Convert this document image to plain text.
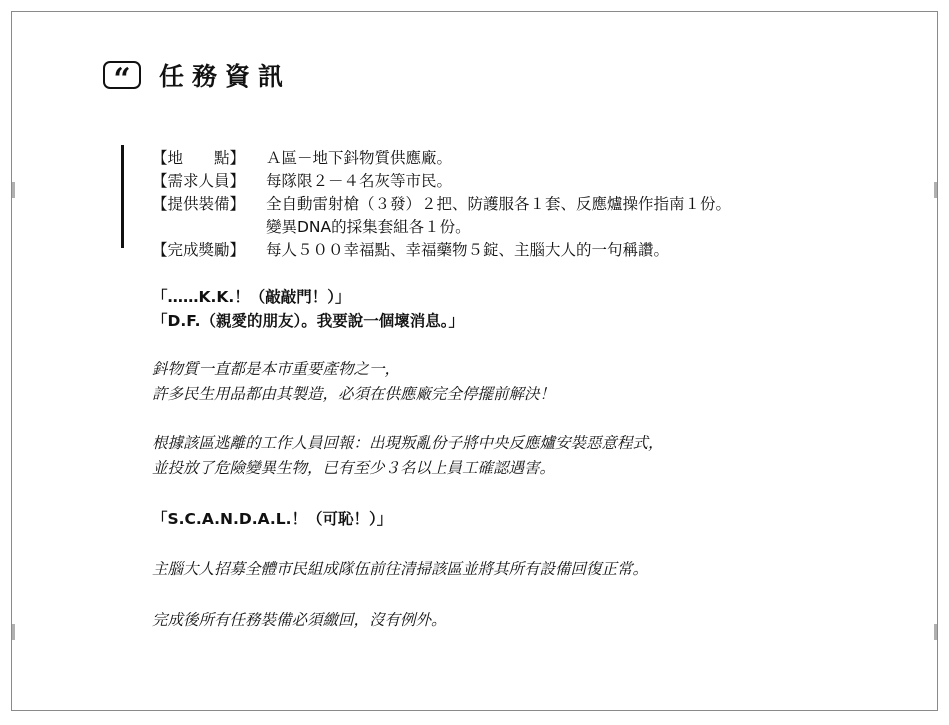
“ 任務資訊
【地　　點】	Ａ區－地下鈄物質供應廠。
【需求人員】	每隊限２－４名灰等市民。
【提供裝備】	全自動雷射槍（３發）２把、防護服各１套、反應爐操作指南１份。
變異DNA的採集套組各１份。
【完成獎勵】	每人５００幸福點、幸福藥物５錠、主腦大人的一句稱讚。
「……K.K.！（敲敲門！）」
「D.F.（親愛的朋友）。我要說一個壞消息。」
鈄物質一直都是本市重要產物之一，
許多民生用品都由其製造，必須在供應廠完全停擺前解決！
根據該區逃離的工作人員回報：出現叛亂份子將中央反應爐安裝惡意程式，
並投放了危險變異生物，已有至少３名以上員工確認遇害。
「S.C.A.N.D.A.L.！（可恥！）」
主腦大人招募全體市民組成隊伍前往清掃該區並將其所有設備回復正常。
完成後所有任務裝備必須繳回，沒有例外。
